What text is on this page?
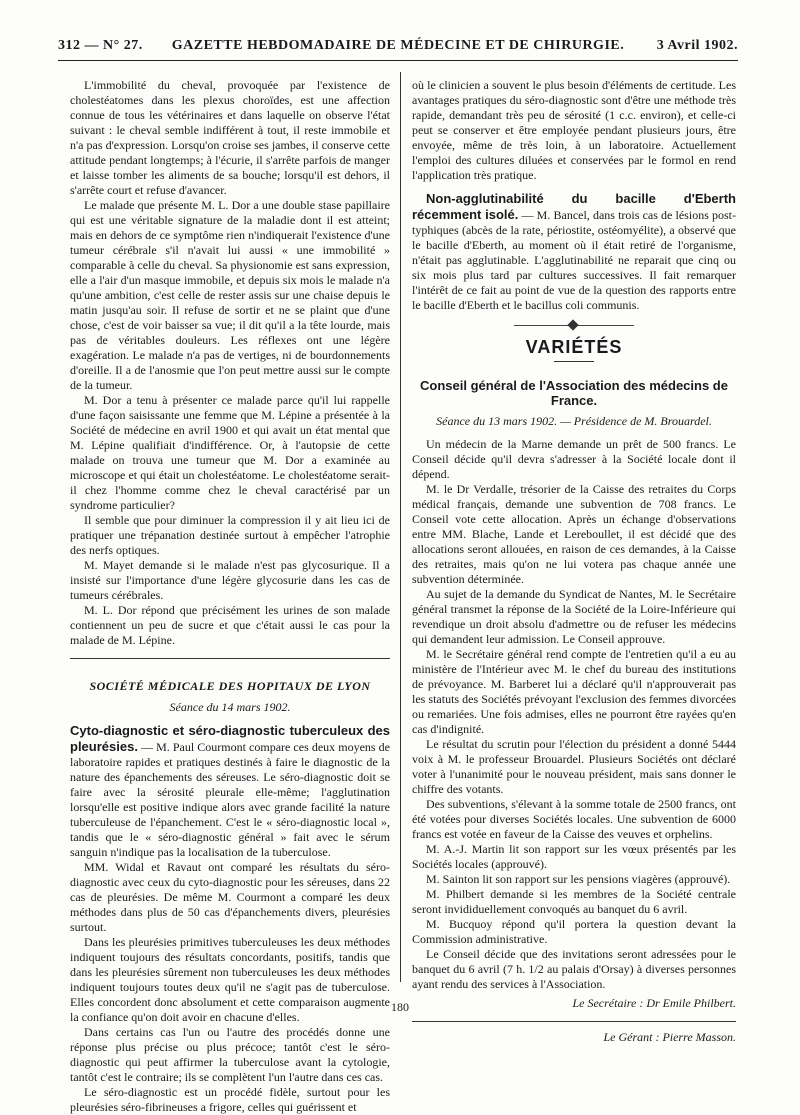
312 — N° 27.	GAZETTE HEBDOMADAIRE DE MÉDECINE ET DE CHIRURGIE.	3 Avril 1902.

L'immobilité du cheval, provoquée par l'existence de cholestéatomes dans les plexus choroïdes, est une affection connue de tous les vétérinaires et dans laquelle on observe l'état suivant : le cheval semble indifférent à tout, il reste immobile et n'a pas d'expression. Lorsqu'on croise ses jambes, il conserve cette attitude pendant longtemps; à l'écurie, il s'arrête parfois de manger et laisse tomber les aliments de sa bouche; lorsqu'il est dehors, il s'arrête court et refuse d'avancer.

Le malade que présente M. L. Dor a une double stase papillaire qui est une véritable signature de la maladie dont il est atteint; mais en dehors de ce symptôme rien n'indiquerait l'existence d'une tumeur cérébrale s'il n'avait lui aussi « une immobilité » comparable à celle du cheval. Sa physionomie est sans expression, elle a l'air d'un masque immobile, et depuis six mois le malade n'a qu'une ambition, c'est celle de rester assis sur une chaise depuis le matin jusqu'au soir. Il refuse de sortir et ne se plaint que d'une chose, c'est de voir baisser sa vue; il dit qu'il a la tête lourde, mais pas de véritables douleurs. Les réflexes ont une légère exagération. Le malade n'a pas de vertiges, ni de bourdonnements d'oreille. Il a de l'anosmie que l'on peut mettre aussi sur le compte de la tumeur.

M. Dor a tenu à présenter ce malade parce qu'il lui rappelle d'une façon saisissante une femme que M. Lépine a présentée à la Société de médecine en avril 1900 et qui avait un état mental que M. Lépine qualifiait d'indifférence. Or, à l'autopsie de cette malade on trouva une tumeur que M. Dor a examinée au microscope et qui était un cholestéatome. Le cholestéatome serait-il chez l'homme comme chez le cheval caractérisé par un syndrome particulier?

Il semble que pour diminuer la compression il y ait lieu ici de pratiquer une trépanation destinée surtout à empêcher l'atrophie des nerfs optiques.

M. Mayet demande si le malade n'est pas glycosurique. Il a insisté sur l'importance d'une légère glycosurie dans les cas de tumeurs cérébrales.

M. L. Dor répond que précisément les urines de son malade contiennent un peu de sucre et que c'était aussi le cas pour la malade de M. Lépine.

SOCIÉTÉ MÉDICALE DES HOPITAUX DE LYON

Séance du 14 mars 1902.

Cyto-diagnostic et séro-diagnostic tuberculeux des pleurésies. — M. Paul Courmont compare ces deux moyens de laboratoire rapides et pratiques destinés à faire le diagnostic de la nature des épanchements des séreuses. Le séro-diagnostic doit se faire avec la sérosité pleurale elle-même; l'agglutination lorsqu'elle est positive indique alors avec grande facilité la nature tuberculeuse de l'épanchement. C'est le « séro-diagnostic local », tandis que le « séro-diagnostic général » fait avec le sérum sanguin n'indique pas la localisation de la tuberculose.

MM. Widal et Ravaut ont comparé les résultats du séro-diagnostic avec ceux du cyto-diagnostic pour les séreuses, dans 22 cas de pleurésies. De même M. Courmont a comparé les deux méthodes dans plus de 50 cas d'épanchements divers, pleurésies surtout.

Dans les pleurésies primitives tuberculeuses les deux méthodes indiquent toujours des résultats concordants, positifs, tandis que dans les pleurésies sûrement non tuberculeuses les deux méthodes indiquent toujours toutes deux qu'il ne s'agit pas de tuberculose. Elles concordent donc absolument et cette comparaison augmente la confiance qu'on doit avoir en chacune d'elles.

Dans certains cas l'un ou l'autre des procédés donne une réponse plus précise ou plus précoce; tantôt c'est le séro-diagnostic qui peut affirmer la tuberculose avant la cytologie, tantôt c'est le contraire; ils se complètent l'un l'autre dans ces cas.

Le séro-diagnostic est un procédé fidèle, surtout pour les pleurésies séro-fibrineuses a frigore, celles qui guérissent et

où le clinicien a souvent le plus besoin d'éléments de certitude. Les avantages pratiques du séro-diagnostic sont d'être une méthode très rapide, demandant très peu de sérosité (1 c.c. environ), et celle-ci peut se conserver et être employée pendant plusieurs jours, être envoyée, même de très loin, à un laboratoire. Actuellement l'emploi des cultures diluées et conservées par le formol en rend l'application très pratique.

Non-agglutinabilité du bacille d'Eberth récemment isolé. — M. Bancel, dans trois cas de lésions post-typhiques (abcès de la rate, périostite, ostéomyélite), a observé que le bacille d'Eberth, au moment où il était retiré de l'organisme, n'était pas agglutinable. L'agglutinabilité ne reparait que cinq ou six mois plus tard par cultures successives. Il fait remarquer l'intérêt de ce fait au point de vue de la question des rapports entre le bacille d'Eberth et le bacillus coli communis.

VARIÉTÉS

Conseil général de l'Association des médecins de France.

Séance du 13 mars 1902. — Présidence de M. Brouardel.

Un médecin de la Marne demande un prêt de 500 francs. Le Conseil décide qu'il devra s'adresser à la Société locale dont il dépend.

M. le Dr Verdalle, trésorier de la Caisse des retraites du Corps médical français, demande une subvention de 708 francs. Le Conseil vote cette allocation. Après un échange d'observations entre MM. Blache, Lande et Lereboullet, il est décidé que des allocations seront allouées, en raison de ces demandes, à la Caisse des retraites, mais qu'on ne lui votera pas chaque année une subvention déterminée.

Au sujet de la demande du Syndicat de Nantes, M. le Secrétaire général transmet la réponse de la Société de la Loire-Inférieure qui revendique un droit absolu d'admettre ou de refuser les médecins qui demandent leur admission. Le Conseil approuve.

M. le Secrétaire général rend compte de l'entretien qu'il a eu au ministère de l'Intérieur avec M. le chef du bureau des institutions de prévoyance. M. Barberet lui a déclaré qu'il n'approuverait pas les statuts des Sociétés prévoyant l'exclusion des femmes divorcées ou remariées. Une fois admises, elles ne pourront être rayées qu'en cas d'indignité.

Le résultat du scrutin pour l'élection du président a donné 5444 voix à M. le professeur Brouardel. Plusieurs Sociétés ont déclaré voter à l'unanimité pour le nouveau président, mais sans donner le chiffre des votants.

Des subventions, s'élevant à la somme totale de 2500 francs, ont été votées pour diverses Sociétés locales. Une subvention de 6000 francs est votée en faveur de la Caisse des veuves et orphelins.

M. A.-J. Martin lit son rapport sur les vœux présentés par les Sociétés locales (approuvé).

M. Sainton lit son rapport sur les pensions viagères (approuvé).

M. Philbert demande si les membres de la Société centrale seront invididuellement convoqués au banquet du 6 avril.

M. Bucquoy répond qu'il portera la question devant la Commission administrative.

Le Conseil décide que des invitations seront adressées pour le banquet du 6 avril (7 h. 1/2 au palais d'Orsay) à diverses personnes ayant rendu des services à l'Association.

Le Secrétaire : Dr Emile Philbert.

Le Gérant : Pierre Masson.

180
